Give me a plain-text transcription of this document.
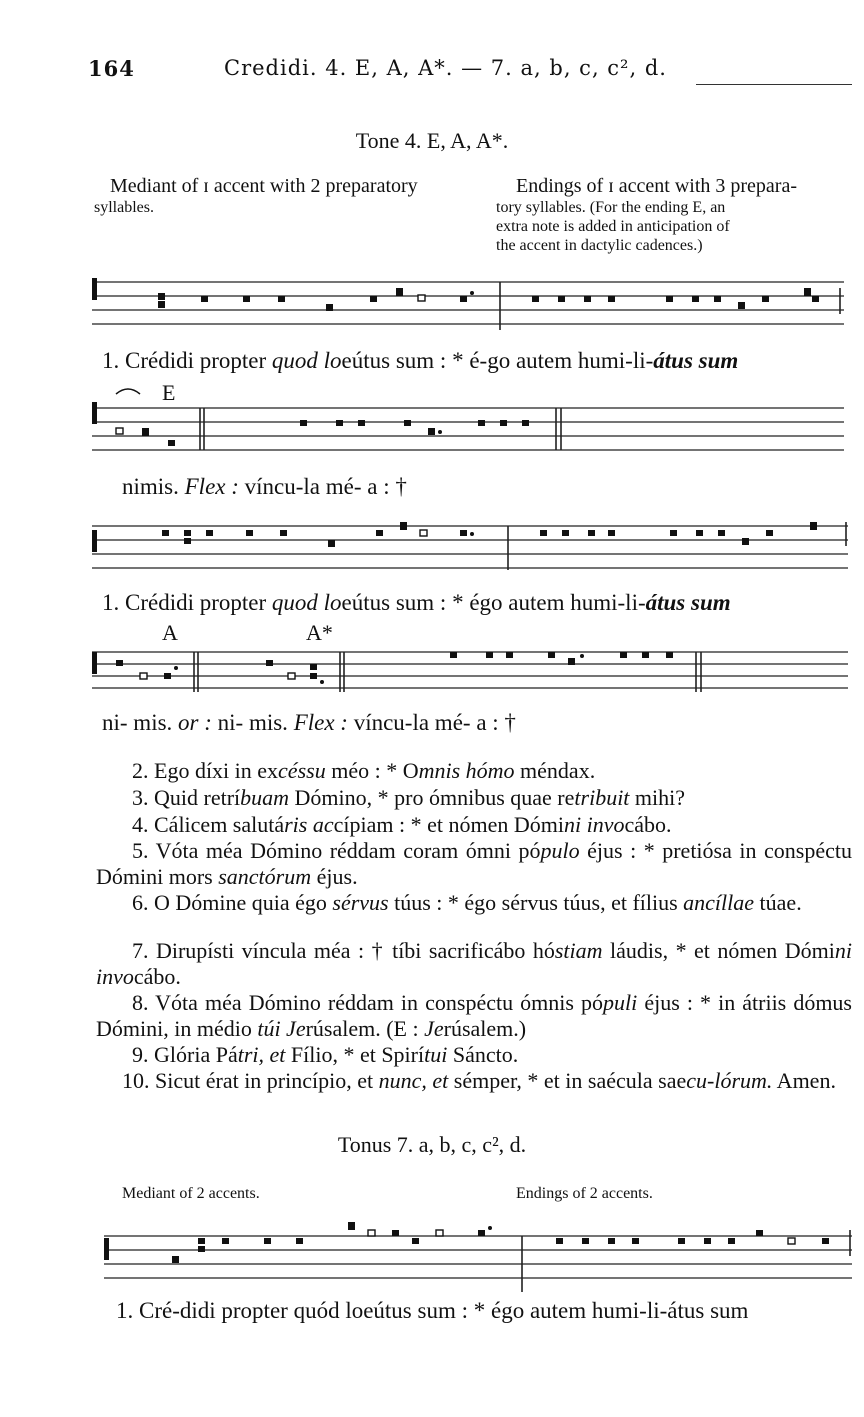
164	Credidi. 4. E, A, A*. — 7. a, b, c, c², d.
Tone 4. E, A, A*.
Mediant of ɪ accent with 2 preparatory
syllables.
Endings of ɪ accent with 3 prepara-
tory syllables. (For the ending E, an
extra note is added in anticipation of
the accent in dactylic cadences.)
1. Crédidi propter quod loeútus sum : * é-go autem humi-li-átus sum
E
nimis. Flex : víncu-la mé- a : †
1. Crédidi propter quod loeútus sum : * égo autem humi-li-átus sum
A	A*
ni- mis. or : ni- mis. Flex : víncu-la mé- a : †
2. Ego díxi in excéssu méo : * Omnis hómo méndax.
3. Quid retríbuam Dómino, * pro ómnibus quae retribuit mihi?
4. Cálicem salutáris accípiam : * et nómen Dómini invocábo.
5. Vóta méa Dómino réddam coram ómni pópulo éjus : * pretiósa in conspéctu Dómini mors sanctórum éjus.
6. O Dómine quia égo sérvus túus : * égo sérvus túus, et fílius ancíllae túae.
7. Dirupísti víncula méa : † tíbi sacrificábo hóstiam láudis, * et nómen Dómini invocábo.
8. Vóta méa Dómino réddam in conspéctu ómnis pópuli éjus : * in átriis dómus Dómini, in médio túi Jerúsalem. (E : Jerúsalem.)
9. Glória Pátri, et Fílio, * et Spirítui Sáncto.
10. Sicut érat in princípio, et nunc, et sémper, * et in saécula saecu-lórum. Amen.
Tonus 7. a, b, c, c², d.
Mediant of 2 accents.	Endings of 2 accents.
1. Cré-didi propter quód loeútus sum : * égo autem humi-li-átus sum
